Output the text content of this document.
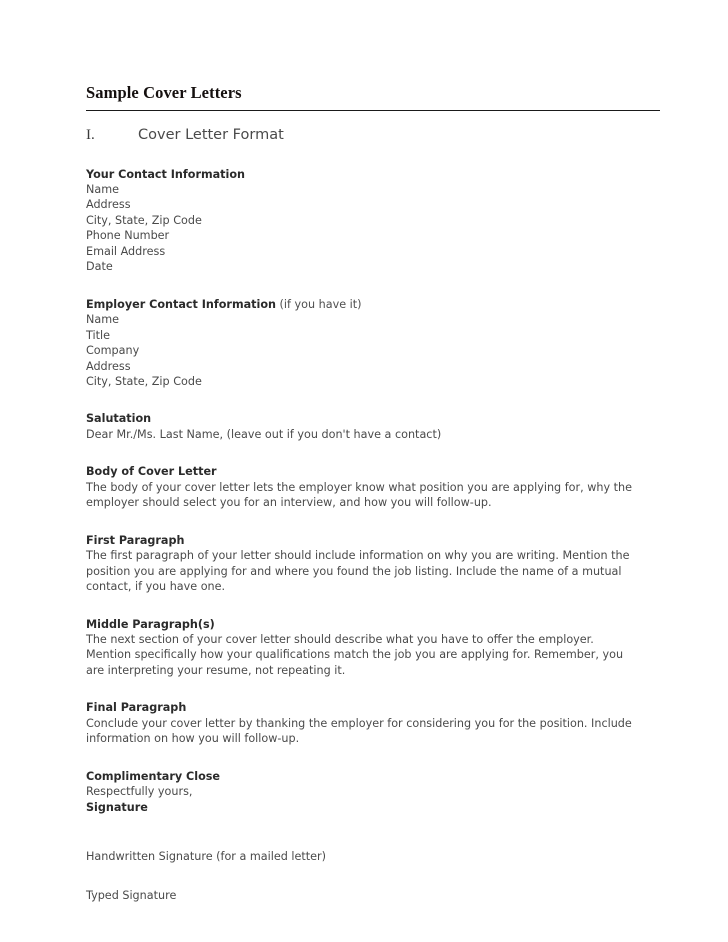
Sample Cover Letters
I.	Cover Letter Format
Your Contact Information
Name
Address
City, State, Zip Code
Phone Number
Email Address
Date
Employer Contact Information (if you have it)
Name
Title
Company
Address
City, State, Zip Code
Salutation

Dear Mr./Ms. Last Name, (leave out if you don't have a contact)

Body of Cover Letter

The body of your cover letter lets the employer know what position you are applying for, why the employer should select you for an interview, and how you will follow-up.

First Paragraph

The first paragraph of your letter should include information on why you are writing. Mention the position you are applying for and where you found the job listing. Include the name of a mutual contact, if you have one.

Middle Paragraph(s)

The next section of your cover letter should describe what you have to offer the employer. Mention specifically how your qualifications match the job you are applying for. Remember, you are interpreting your resume, not repeating it.

Final Paragraph

Conclude your cover letter by thanking the employer for considering you for the position. Include information on how you will follow-up.

Complimentary Close

Respectfully yours,

Signature

Handwritten Signature (for a mailed letter)

Typed Signature
